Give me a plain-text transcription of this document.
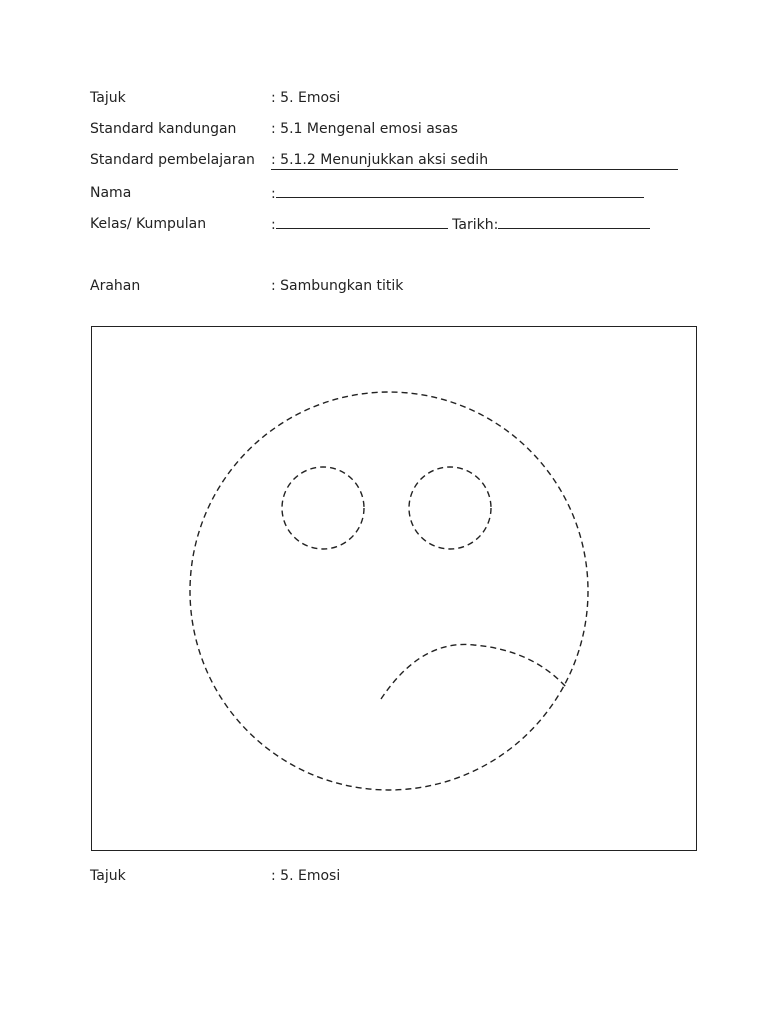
Tajuk	: 5. Emosi
Standard kandungan : 5.1 Mengenal emosi asas
Standard pembelajaran : 5.1.2 Menunjukkan aksi sedih
Nama	:
Kelas/ Kumpulan	:	Tarikh:
Arahan	: Sambungkan titik
Tajuk	: 5. Emosi
